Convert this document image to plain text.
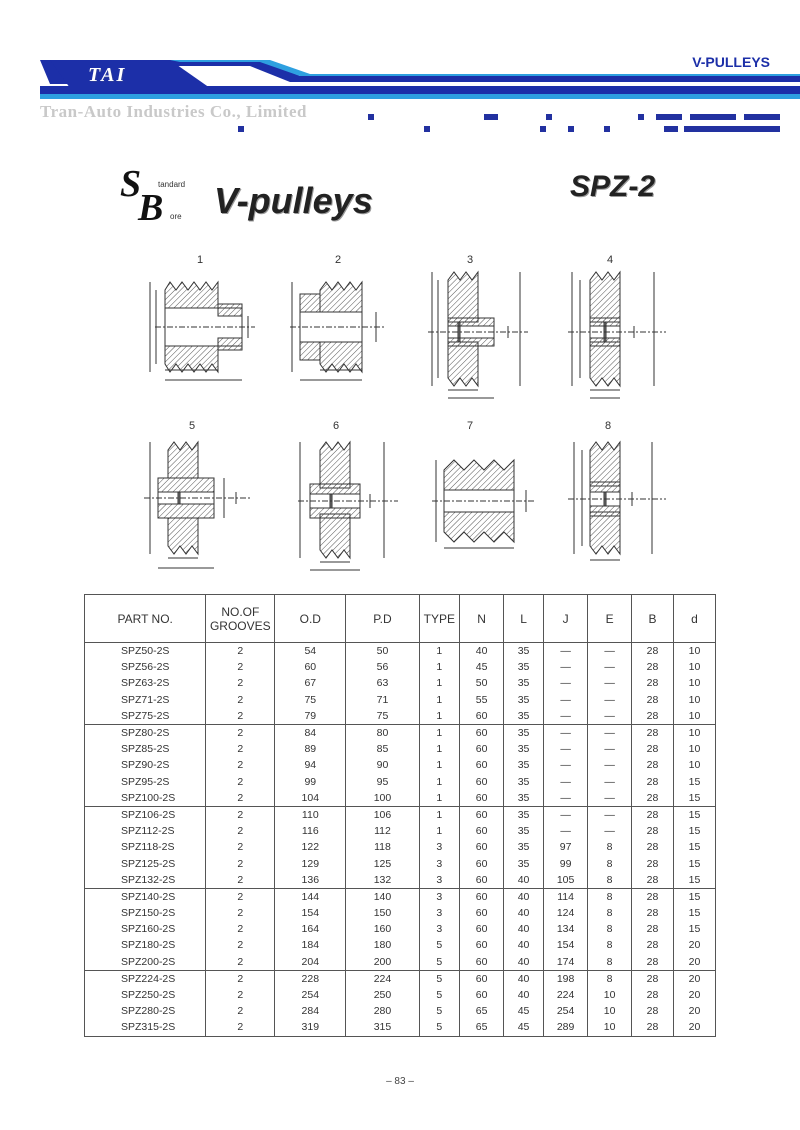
TAI
V-PULLEYS
Tran-Auto Industries Co., Limited
S
B
tandard
ore V-pulleys	SPZ-2
1	2	3	4
5	6	7	8
PART NO.	NO.OF GROOVES	O.D	P.D	TYPE	N	L	J	E	B	d
SPZ50-2S	2	54	50	1	40	35	—	—	28	10
SPZ56-2S	2	60	56	1	45	35	—	—	28	10
SPZ63-2S	2	67	63	1	50	35	—	—	28	10
SPZ71-2S	2	75	71	1	55	35	—	—	28	10
SPZ75-2S	2	79	75	1	60	35	—	—	28	10
SPZ80-2S	2	84	80	1	60	35	—	—	28	10
SPZ85-2S	2	89	85	1	60	35	—	—	28	10
SPZ90-2S	2	94	90	1	60	35	—	—	28	10
SPZ95-2S	2	99	95	1	60	35	—	—	28	15
SPZ100-2S	2	104	100	1	60	35	—	—	28	15
SPZ106-2S	2	110	106	1	60	35	—	—	28	15
SPZ112-2S	2	116	112	1	60	35	—	—	28	15
SPZ118-2S	2	122	118	3	60	35	97	8	28	15
SPZ125-2S	2	129	125	3	60	35	99	8	28	15
SPZ132-2S	2	136	132	3	60	40	105	8	28	15
SPZ140-2S	2	144	140	3	60	40	114	8	28	15
SPZ150-2S	2	154	150	3	60	40	124	8	28	15
SPZ160-2S	2	164	160	3	60	40	134	8	28	15
SPZ180-2S	2	184	180	5	60	40	154	8	28	20
SPZ200-2S	2	204	200	5	60	40	174	8	28	20
SPZ224-2S	2	228	224	5	60	40	198	8	28	20
SPZ250-2S	2	254	250	5	60	40	224	10	28	20
SPZ280-2S	2	284	280	5	65	45	254	10	28	20
SPZ315-2S	2	319	315	5	65	45	289	10	28	20
– 83 –
